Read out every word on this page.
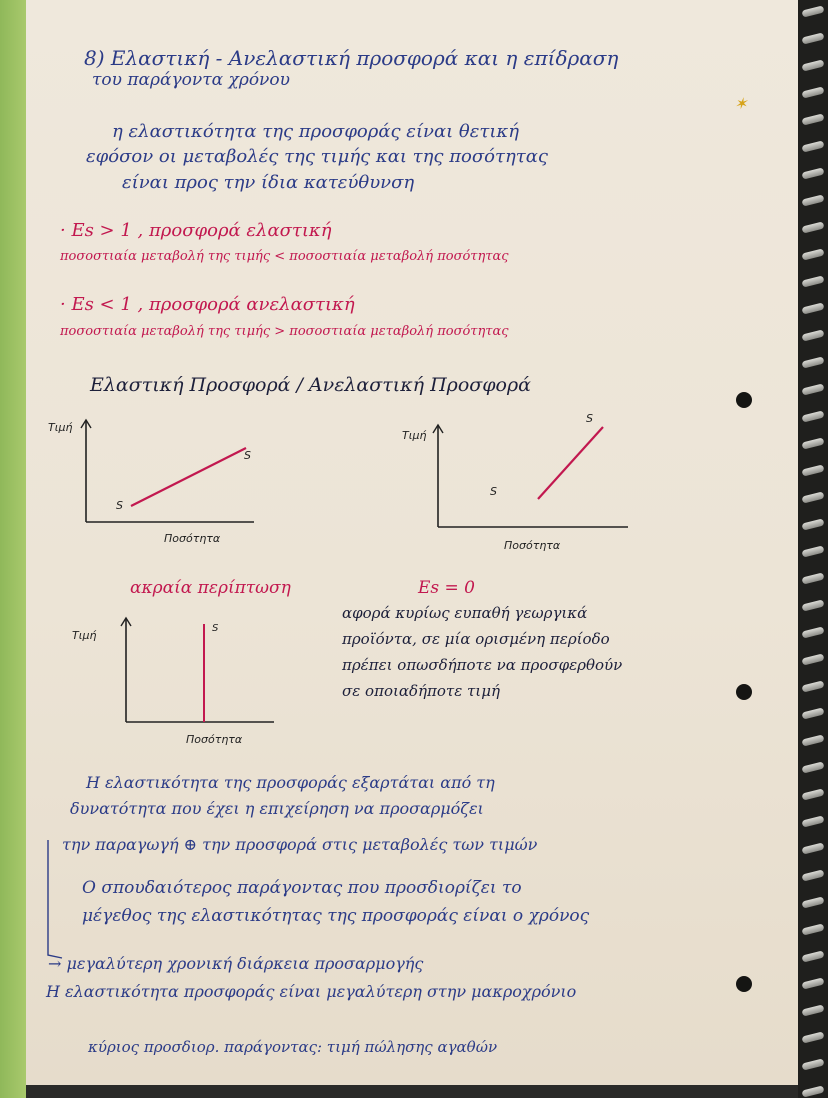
8) Ελαστική - Ανελαστική προσφορά και η επίδραση
του παράγοντα χρόνου
✶
η ελαστικότητα της προσφοράς είναι θετική
εφόσον οι μεταβολές της τιμής και της ποσότητας
είναι προς την ίδια κατεύθυνση
· Es > 1 , προσφορά ελαστική
ποσοστιαία μεταβολή της τιμής < ποσοστιαία μεταβολή ποσότητας
· Es < 1 , προσφορά ανελαστική
ποσοστιαία μεταβολή της τιμής > ποσοστιαία μεταβολή ποσότητας
Ελαστική Προσφορά / Ανελαστική Προσφορά
Τιμή
S
S
Ποσότητα
Τιμή
S
S
Ποσότητα
ακραία περίπτωση	Es = 0
Τιμή
S
Ποσότητα
αφορά κυρίως ευπαθή γεωργικά
προϊόντα, σε μία ορισμένη περίοδο
πρέπει οπωσδήποτε να προσφερθούν
σε οποιαδήποτε τιμή
Η ελαστικότητα της προσφοράς εξαρτάται από τη
δυνατότητα που έχει η επιχείρηση να προσαρμόζει
την παραγωγή ⊕ την προσφορά στις μεταβολές των τιμών
Ο σπουδαιότερος παράγοντας που προσδιορίζει το
μέγεθος της ελαστικότητας της προσφοράς είναι ο χρόνος
→ μεγαλύτερη χρονική διάρκεια προσαρμογής
Η ελαστικότητα προσφοράς είναι μεγαλύτερη στην μακροχρόνιο
κύριος προσδιορ. παράγοντας: τιμή πώλησης αγαθών
